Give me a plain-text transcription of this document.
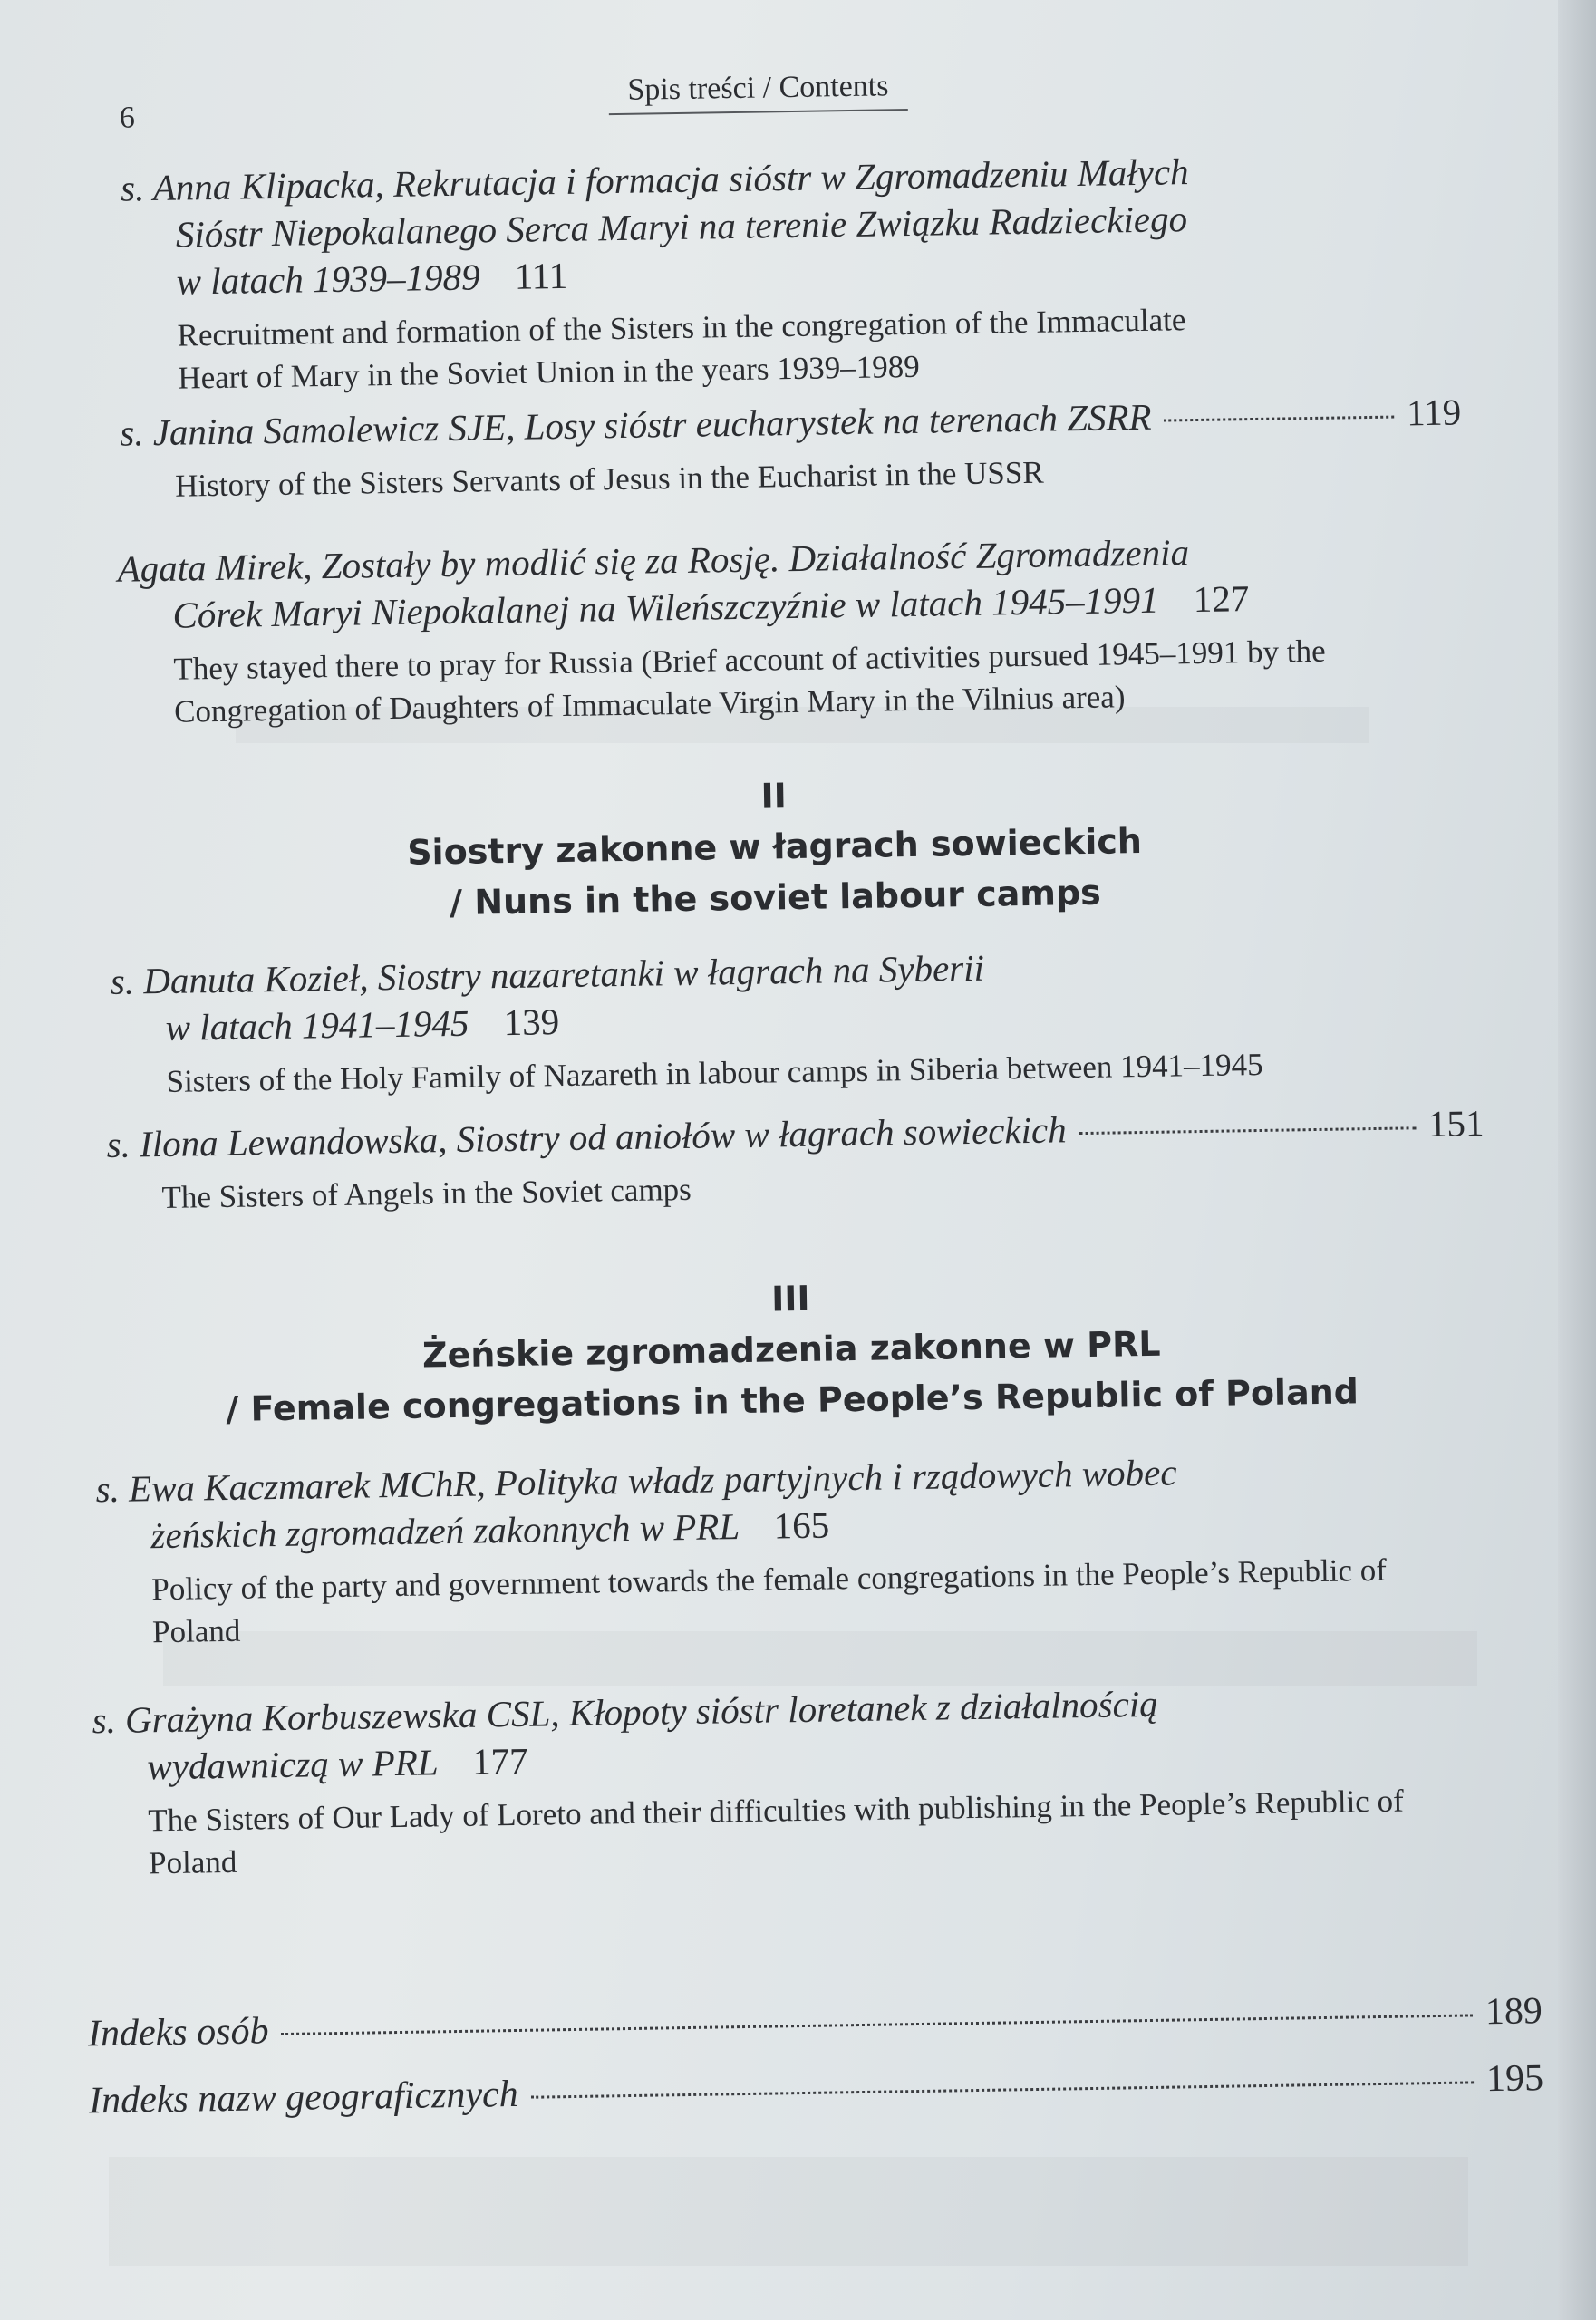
6
Spis treści / Contents
s. Anna Klipacka, Rekrutacja i formacja sióstr w Zgromadzeniu Małych
Sióstr Niepokalanego Serca Maryi na terenie Związku Radzieckiego
w latach 1939–1989 111
Recruitment and formation of the Sisters in the congregation of the Immaculate Heart of Mary in the Soviet Union in the years 1939–1989
s. Janina Samolewicz SJE, Losy sióstr eucharystek na terenach ZSRR	119
History of the Sisters Servants of Jesus in the Eucharist in the USSR
Agata Mirek, Zostały by modlić się za Rosję. Działalność Zgromadzenia
Córek Maryi Niepokalanej na Wileńszczyźnie w latach 1945–1991 127
They stayed there to pray for Russia (Brief account of activities pursued 1945–1991 by the Congregation of Daughters of Immaculate Virgin Mary in the Vilnius area)
II
Siostry zakonne w łagrach sowieckich
/ Nuns in the soviet labour camps
s. Danuta Kozieł, Siostry nazaretanki w łagrach na Syberii
w latach 1941–1945 139
Sisters of the Holy Family of Nazareth in labour camps in Siberia between 1941–1945
s. Ilona Lewandowska, Siostry od aniołów w łagrach sowieckich	151
The Sisters of Angels in the Soviet camps
III
Żeńskie zgromadzenia zakonne w PRL
/ Female congregations in the People’s Republic of Poland
s. Ewa Kaczmarek MChR, Polityka władz partyjnych i rządowych wobec
żeńskich zgromadzeń zakonnych w PRL 165
Policy of the party and government towards the female congregations in the People’s Republic of Poland
s. Grażyna Korbuszewska CSL, Kłopoty sióstr loretanek z działalnością
wydawniczą w PRL 177
The Sisters of Our Lady of Loreto and their difficulties with publishing in the People’s Republic of Poland
Indeks osób	189
Indeks nazw geograficznych	195
